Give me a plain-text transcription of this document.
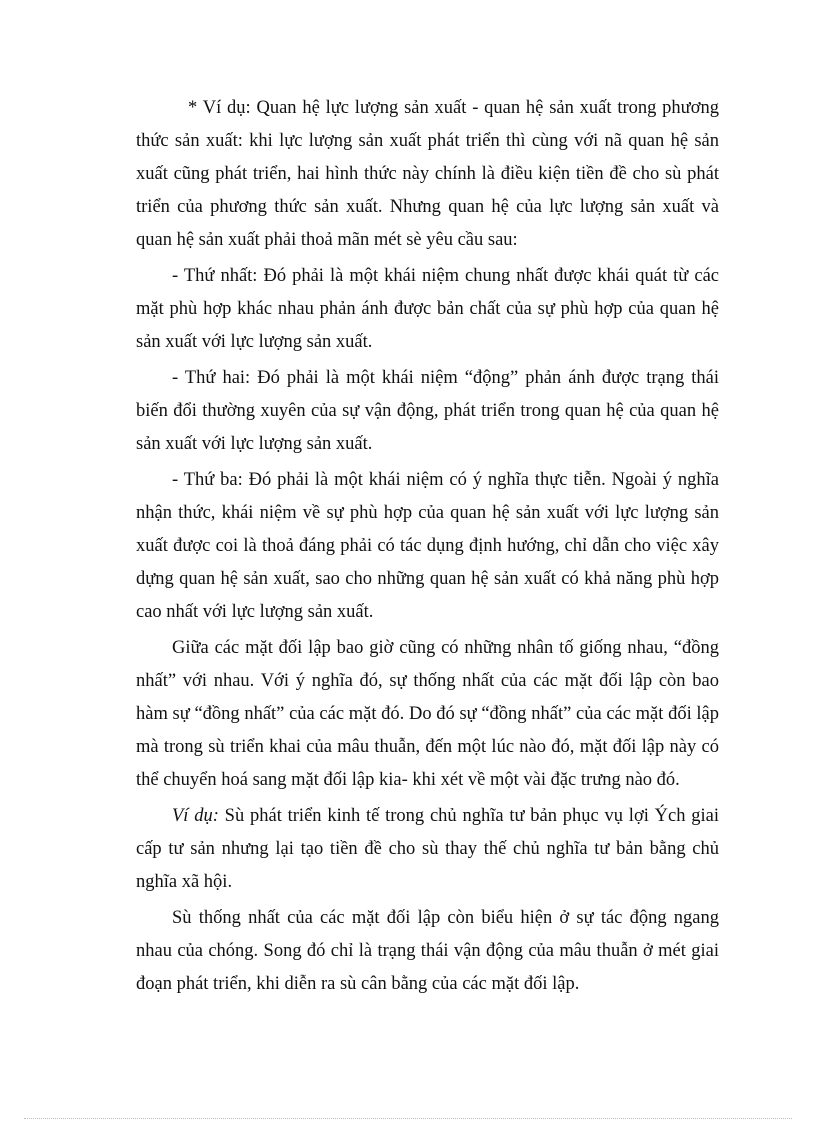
* Ví dụ: Quan hệ lực lượng sản xuất - quan hệ sản xuất trong phương thức sản xuất: khi lực lượng sản xuất phát triển thì cùng với nã quan hệ sản xuất cũng phát triển, hai hình thức này chính là điều kiện tiền đề cho sù phát triển của phương thức sản xuất. Nhưng quan hệ của lực lượng sản xuất và quan hệ sản xuất phải thoả mãn mét sè yêu cầu sau:

- Thứ nhất: Đó phải là một khái niệm chung nhất được khái quát từ các mặt phù hợp khác nhau phản ánh được bản chất của sự phù hợp của quan hệ sản xuất với lực lượng sản xuất.

- Thứ hai: Đó phải là một khái niệm “động” phản ánh được trạng thái biến đổi thường xuyên của sự vận động, phát triển trong quan hệ của quan hệ sản xuất với lực lượng sản xuất.

- Thứ ba: Đó phải là một khái niệm có ý nghĩa thực tiễn. Ngoài ý nghĩa nhận thức, khái niệm về sự phù hợp của quan hệ sản xuất với lực lượng sản xuất được coi là thoả đáng phải có tác dụng định hướng, chỉ dẫn cho việc xây dựng quan hệ sản xuất, sao cho những quan hệ sản xuất có khả năng phù hợp cao nhất với lực lượng sản xuất.

Giữa các mặt đối lập bao giờ cũng có những nhân tố giống nhau, “đồng nhất” với nhau. Với ý nghĩa đó, sự thống nhất của các mặt đối lập còn bao hàm sự “đồng nhất” của các mặt đó. Do đó sự “đồng nhất” của các mặt đối lập mà trong sù triển khai của mâu thuẫn, đến một lúc nào đó, mặt đối lập này có thể chuyển hoá sang mặt đối lập kia- khi xét về một vài đặc trưng nào đó.

Ví dụ: Sù phát triển kinh tế trong chủ nghĩa tư bản phục vụ lợi Ých giai cấp tư sản nhưng lại tạo tiền đề cho sù thay thế chủ nghĩa tư bản bằng chủ nghĩa xã hội.

Sù thống nhất của các mặt đối lập còn biểu hiện ở sự tác động ngang nhau của chóng. Song đó chỉ là trạng thái vận động của mâu thuẫn ở mét giai đoạn phát triển, khi diễn ra sù cân bằng của các mặt đối lập.
